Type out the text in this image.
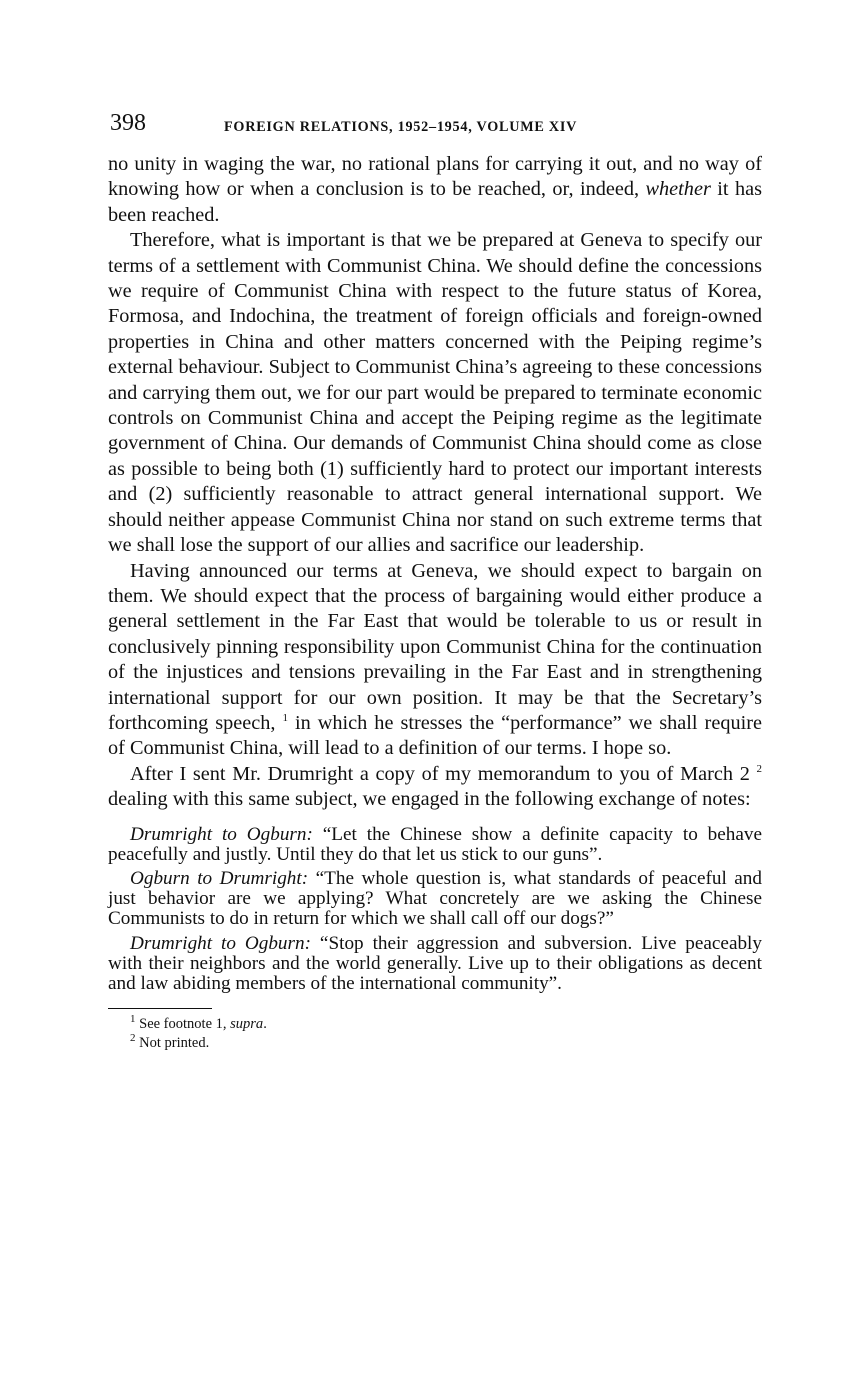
398	FOREIGN RELATIONS, 1952–1954, VOLUME XIV

no unity in waging the war, no rational plans for carrying it out, and no way of knowing how or when a conclusion is to be reached, or, indeed, whether it has been reached.

Therefore, what is important is that we be prepared at Geneva to specify our terms of a settlement with Communist China. We should define the concessions we require of Communist China with respect to the future status of Korea, Formosa, and Indochina, the treatment of foreign officials and foreign-owned properties in China and other matters concerned with the Peiping regime’s external behaviour. Subject to Communist China’s agreeing to these concessions and carrying them out, we for our part would be prepared to terminate economic controls on Communist China and accept the Peiping regime as the legitimate government of China. Our demands of Communist China should come as close as possible to being both (1) sufficiently hard to protect our important interests and (2) sufficiently reasonable to attract general international support. We should neither appease Communist China nor stand on such extreme terms that we shall lose the support of our allies and sacrifice our leadership.

Having announced our terms at Geneva, we should expect to bargain on them. We should expect that the process of bargaining would either produce a general settlement in the Far East that would be tolerable to us or result in conclusively pinning responsibility upon Communist China for the continuation of the injustices and tensions prevailing in the Far East and in strengthening international support for our own position. It may be that the Secretary’s forthcoming speech, $^1$ in which he stresses the “performance” we shall require of Communist China, will lead to a definition of our terms. I hope so.

After I sent Mr. Drumright a copy of my memorandum to you of March 2 $^2$ dealing with this same subject, we engaged in the following exchange of notes:

Drumright to Ogburn: “Let the Chinese show a definite capacity to behave peacefully and justly. Until they do that let us stick to our guns”.

Ogburn to Drumright: “The whole question is, what standards of peaceful and just behavior are we applying? What concretely are we asking the Chinese Communists to do in return for which we shall call off our dogs?”

Drumright to Ogburn: “Stop their aggression and subversion. Live peaceably with their neighbors and the world generally. Live up to their obligations as decent and law abiding members of the international community”.

$^1$ See footnote 1, supra.

$^2$ Not printed.
